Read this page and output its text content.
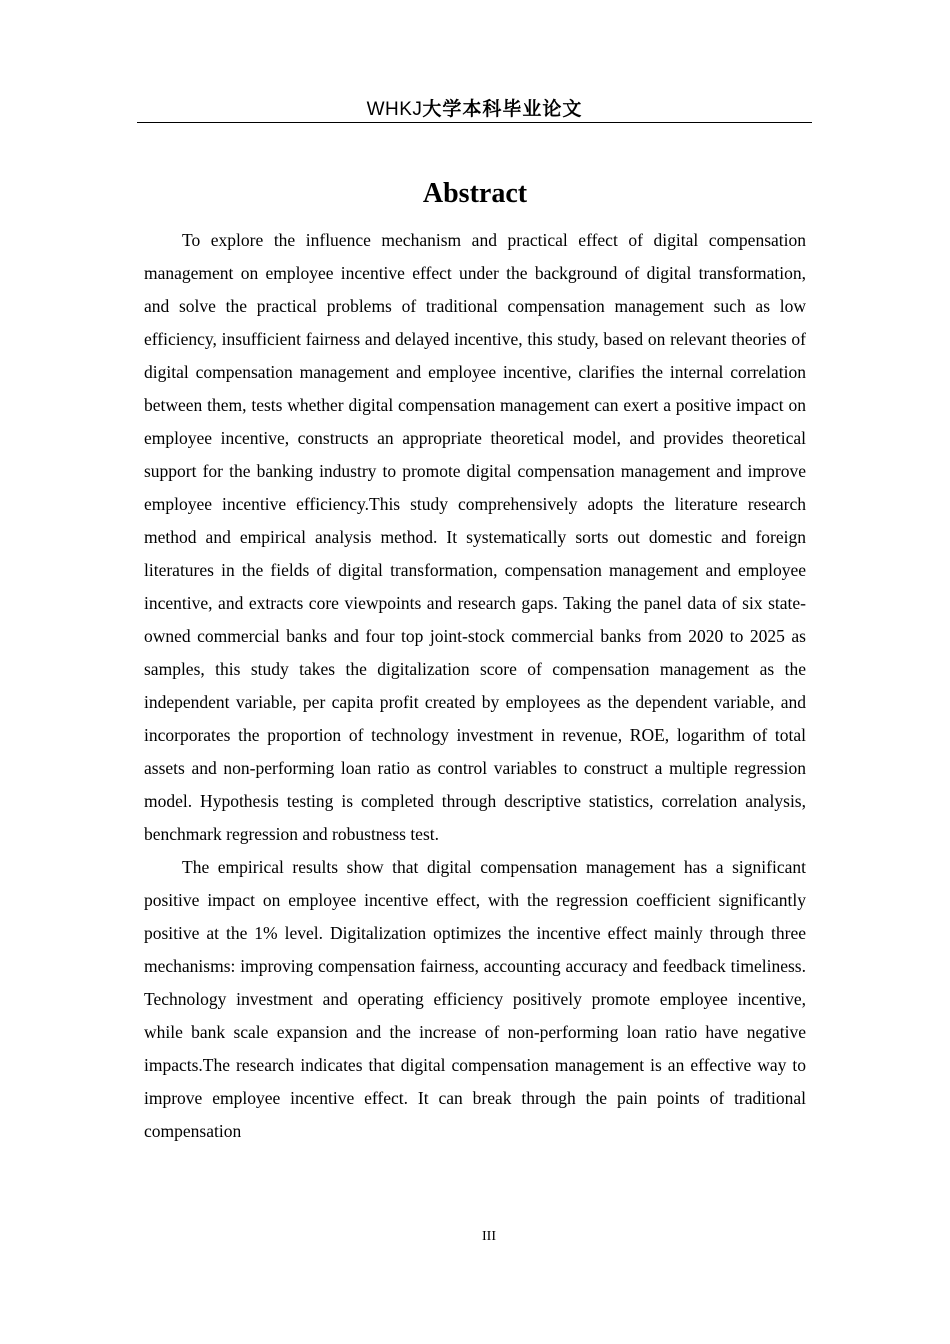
WHKJ大学本科毕业论文
Abstract

To explore the influence mechanism and practical effect of digital compensation management on employee incentive effect under the background of digital transformation, and solve the practical problems of traditional compensation management such as low efficiency, insufficient fairness and delayed incentive, this study, based on relevant theories of digital compensation management and employee incentive, clarifies the internal correlation between them, tests whether digital compensation management can exert a positive impact on employee incentive, constructs an appropriate theoretical model, and provides theoretical support for the banking industry to promote digital compensation management and improve employee incentive efficiency.This study comprehensively adopts the literature research method and empirical analysis method. It systematically sorts out domestic and foreign literatures in the fields of digital transformation, compensation management and employee incentive, and extracts core viewpoints and research gaps. Taking the panel data of six state-owned commercial banks and four top joint-stock commercial banks from 2020 to 2025 as samples, this study takes the digitalization score of compensation management as the independent variable, per capita profit created by employees as the dependent variable, and incorporates the proportion of technology investment in revenue, ROE, logarithm of total assets and non-performing loan ratio as control variables to construct a multiple regression model. Hypothesis testing is completed through descriptive statistics, correlation analysis, benchmark regression and robustness test.

The empirical results show that digital compensation management has a significant positive impact on employee incentive effect, with the regression coefficient significantly positive at the 1% level. Digitalization optimizes the incentive effect mainly through three mechanisms: improving compensation fairness, accounting accuracy and feedback timeliness. Technology investment and operating efficiency positively promote employee incentive, while bank scale expansion and the increase of non-performing loan ratio have negative impacts.The research indicates that digital compensation management is an effective way to improve employee incentive effect. It can break through the pain points of traditional compensation

III
